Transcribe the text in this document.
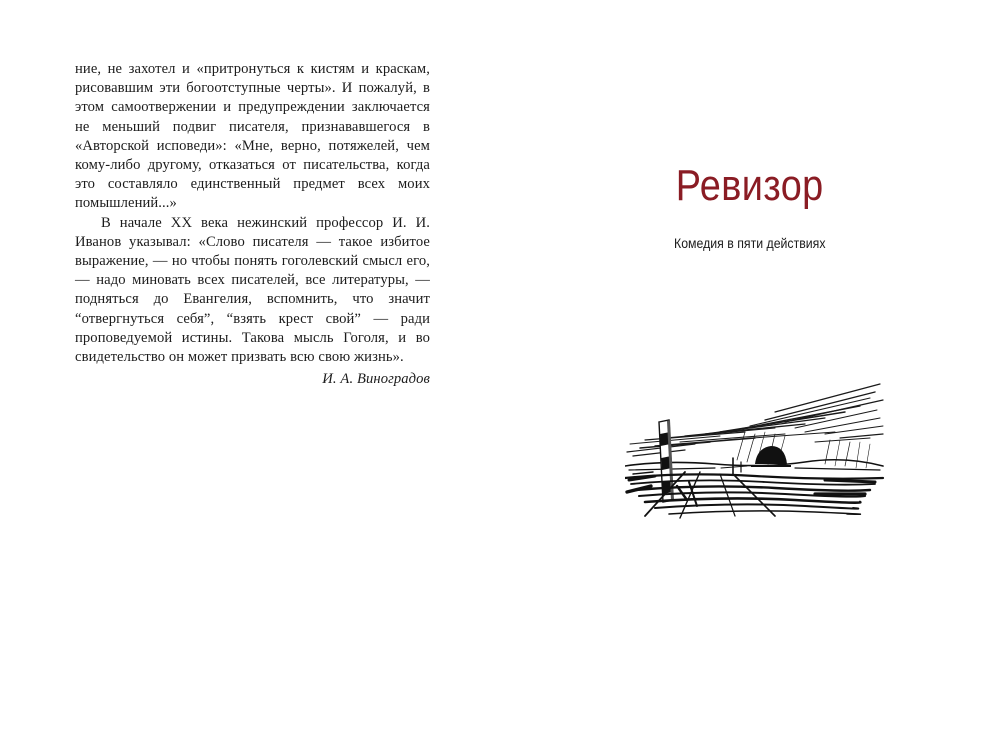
ние, не захотел и «притронуться к кистям и краскам, рисовавшим эти богоотступные черты». И пожалуй, в этом самоотвержении и предупреждении заключается не меньший подвиг писателя, признававшегося в «Авторской исповеди»: «Мне, верно, потяжелей, чем кому-либо другому, отказаться от писательства, когда это составляло единственный предмет всех моих помышлений...»

В начале XX века нежинский профессор И. И. Иванов указывал: «Слово писателя — такое избитое выражение, — но чтобы понять гоголевский смысл его, — надо миновать всех писателей, все литературы, — подняться до Евангелия, вспомнить, что значит “отвергнуться себя”, “взять крест свой” — ради проповедуемой истины. Такова мысль Гоголя, и во свидетельство он может призвать всю свою жизнь».

И. А. Виноградов

Ревизор

Комедия в пяти действиях
